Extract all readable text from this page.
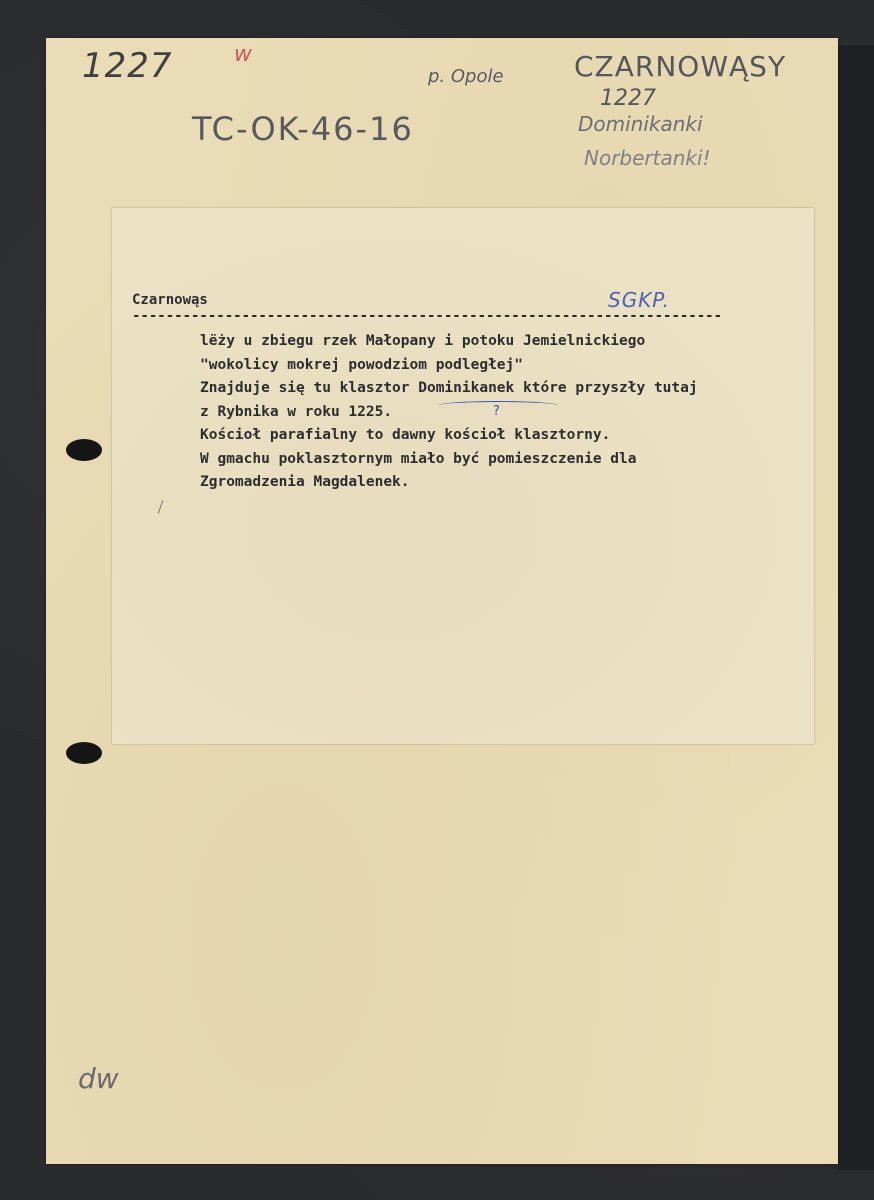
1227	w
p. Opole	CZARNOWĄSY
1227
Dominikanki
Norbertanki!
TC-OK-46-16
Czarnowąs	SGKP.
----------------------------------------------------------------------
lëży u zbiegu rzek Małopany i potoku Jemielnickiego
"wokolicy mokrej powodziom podległej"
Znajduje się tu klasztor Dominikanek które przyszły tutaj
z Rybnika w roku 1225.
Kościoł parafialny to dawny kościoł klasztorny.
W gmachu poklasztornym miało być pomieszczenie dla
Zgromadzenia Magdalenek.
?
dw
